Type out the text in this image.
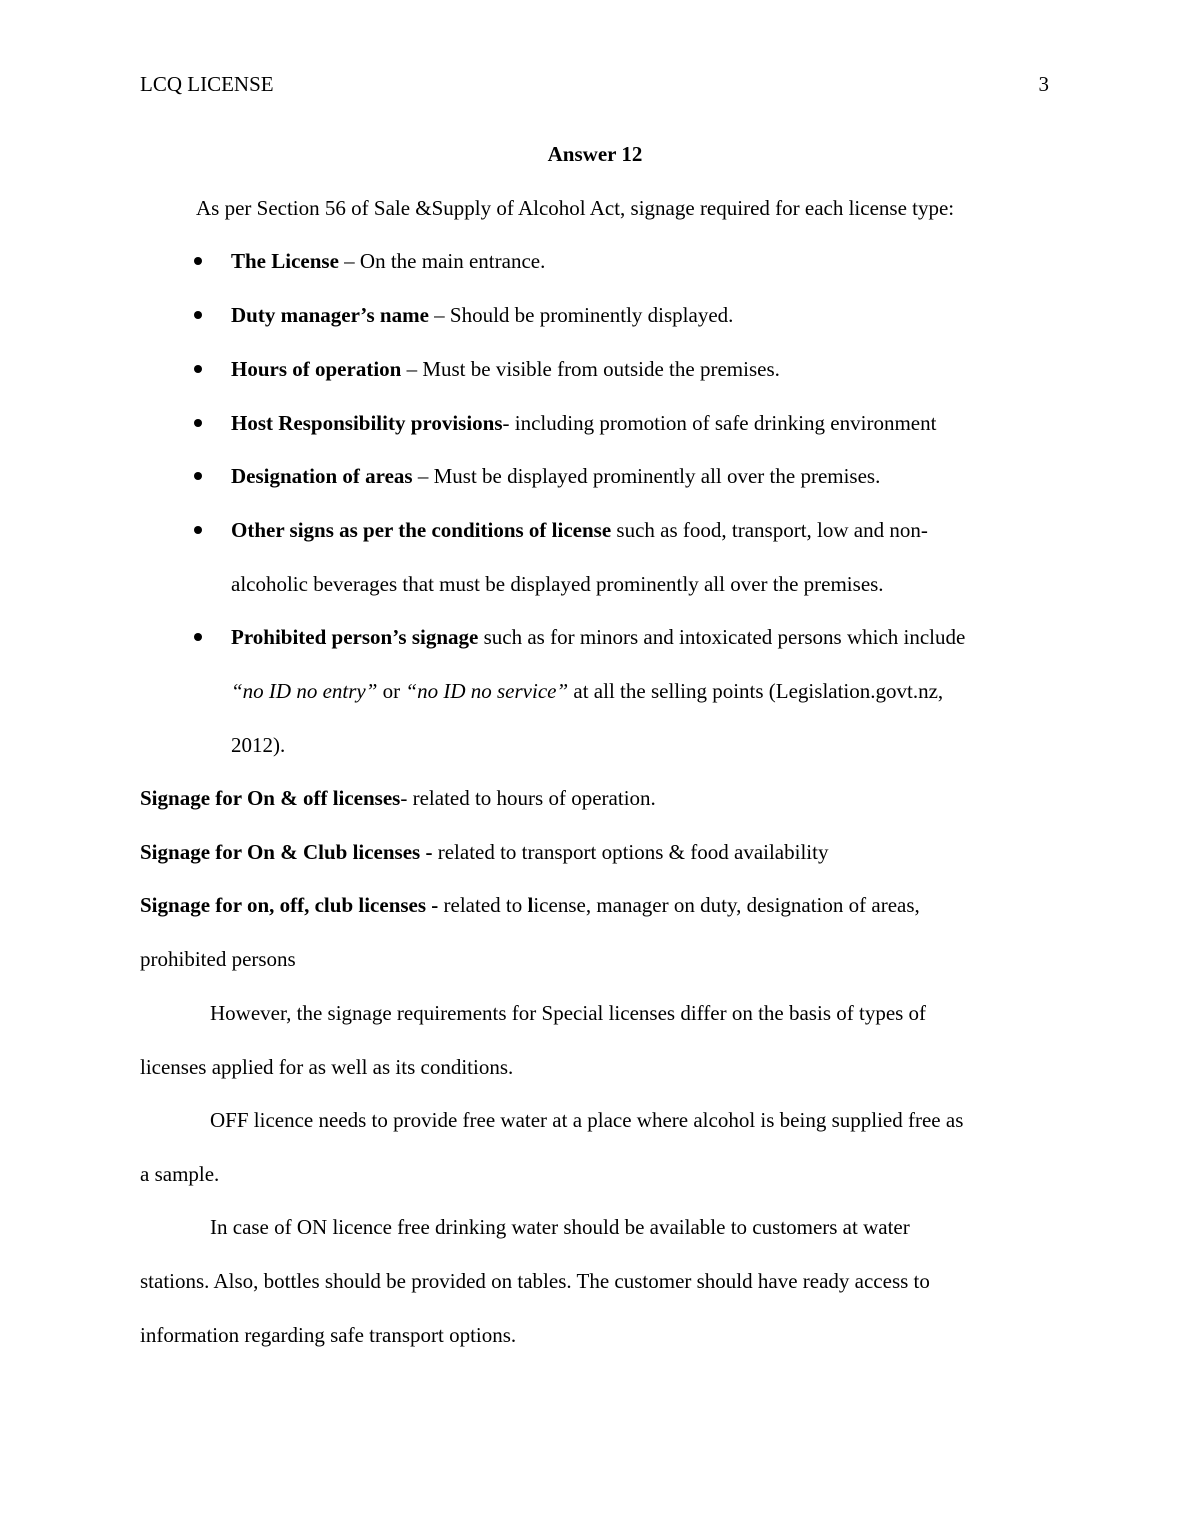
LCQ LICENSE	3
Answer 12
As per Section 56 of Sale &Supply of Alcohol Act, signage required for each license type:
The License – On the main entrance.
Duty manager’s name – Should be prominently displayed.
Hours of operation – Must be visible from outside the premises.
Host Responsibility provisions- including promotion of safe drinking environment
Designation of areas – Must be displayed prominently all over the premises.
Other signs as per the conditions of license such as food, transport, low and non-
alcoholic beverages that must be displayed prominently all over the premises.
Prohibited person’s signage such as for minors and intoxicated persons which include
“no ID no entry” or “no ID no service” at all the selling points (Legislation.govt.nz,
2012).
Signage for On & off licenses- related to hours of operation.
Signage for On & Club licenses - related to transport options & food availability
Signage for on, off, club licenses - related to license, manager on duty, designation of areas,
prohibited persons
However, the signage requirements for Special licenses differ on the basis of types of
licenses applied for as well as its conditions.
OFF licence needs to provide free water at a place where alcohol is being supplied free as
a sample.
In case of ON licence free drinking water should be available to customers at water
stations. Also, bottles should be provided on tables. The customer should have ready access to
information regarding safe transport options.
